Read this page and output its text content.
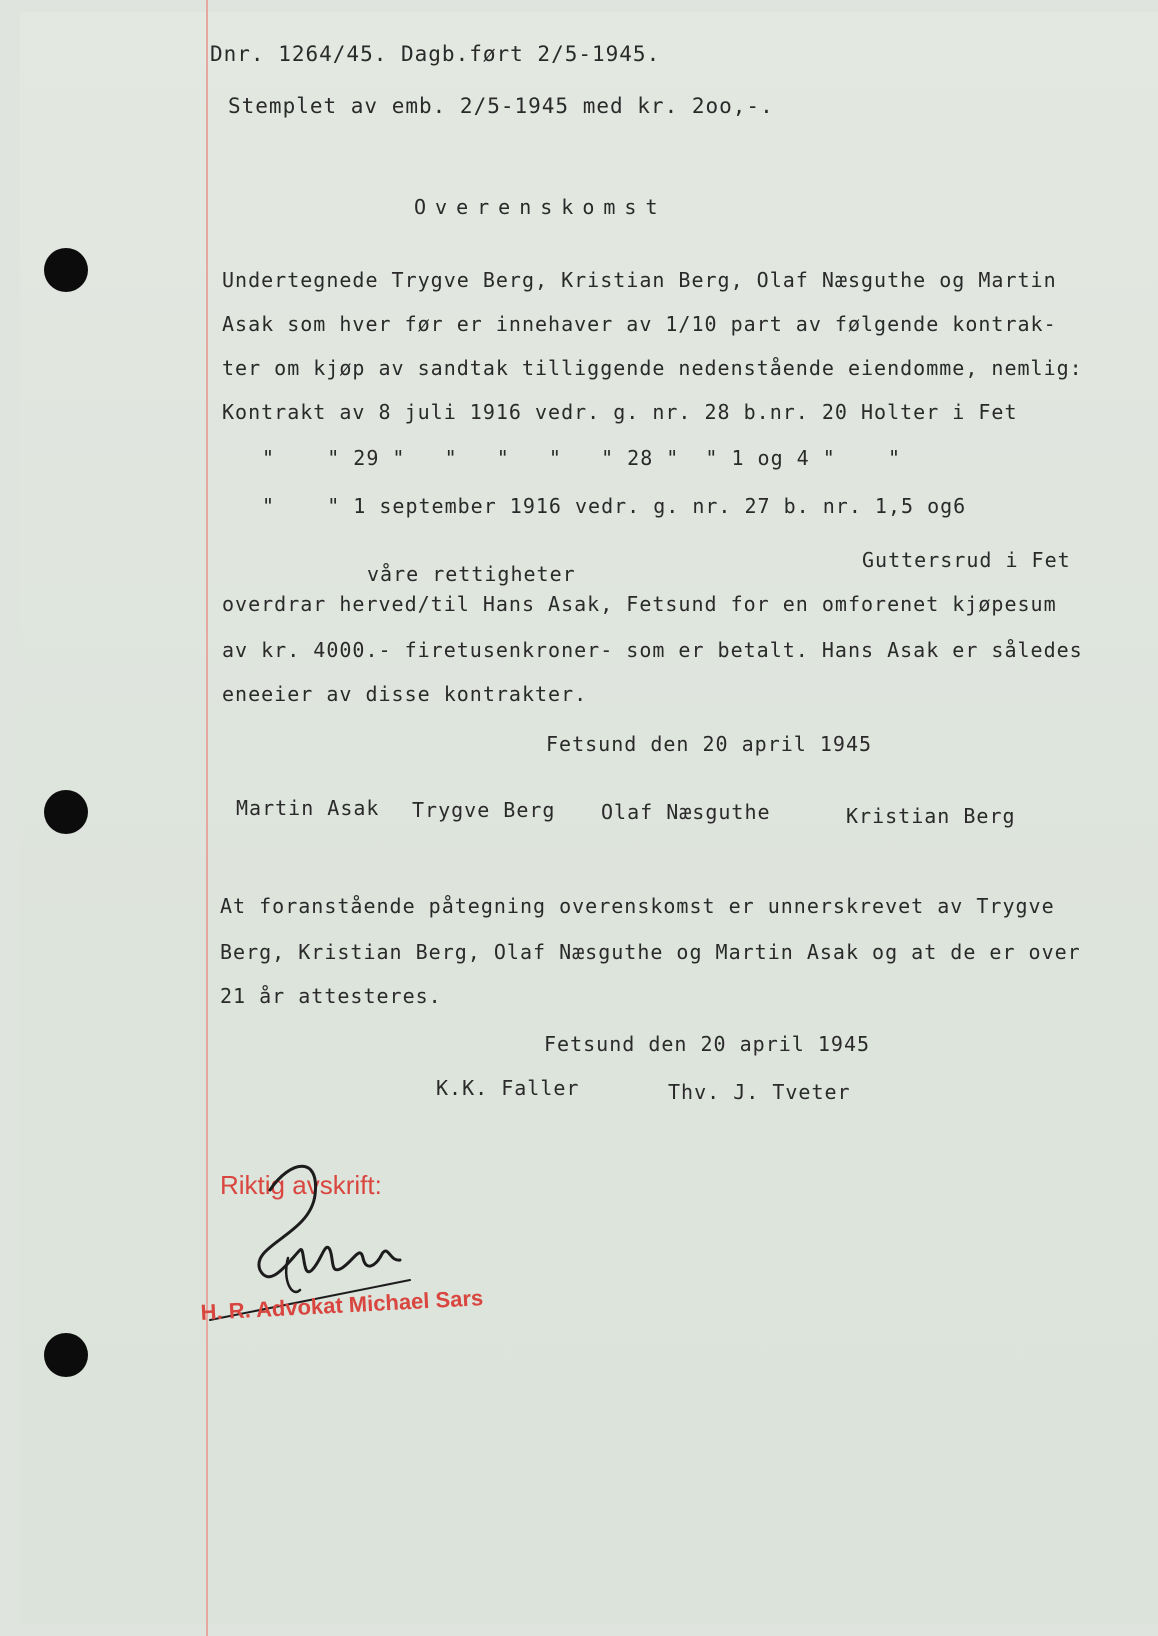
Dnr. 1264/45. Dagb.ført 2/5-1945.
Stemplet av emb. 2/5-1945 med kr. 2oo,-.
Overenskomst
Undertegnede Trygve Berg, Kristian Berg, Olaf Næsguthe og Martin
Asak som hver før er innehaver av 1/10 part av følgende kontrak-
ter om kjøp av sandtak tilliggende nedenstående eiendomme, nemlig:
Kontrakt av 8 juli 1916 vedr. g. nr. 28 b.nr. 20 Holter i Fet
"    " 29 "   "   "   "   " 28 "  " 1 og 4 "    "
"    " 1 september 1916 vedr. g. nr. 27 b. nr. 1,5 og6
Guttersrud i Fet
våre rettigheter
overdrar herved/til Hans Asak, Fetsund for en omforenet kjøpesum
av kr. 4000.- firetusenkroner- som er betalt. Hans Asak er således
eneeier av disse kontrakter.
Fetsund den 20 april 1945
Martin Asak Trygve Berg Olaf Næsguthe	Kristian Berg
At foranstående påtegning overenskomst er unnerskrevet av Trygve
Berg, Kristian Berg, Olaf Næsguthe og Martin Asak og at de er over
21 år attesteres.
Fetsund den 20 april 1945
K.K. Faller	Thv. J. Tveter
Riktig avskrift:
H. R. Advokat Michael Sars
